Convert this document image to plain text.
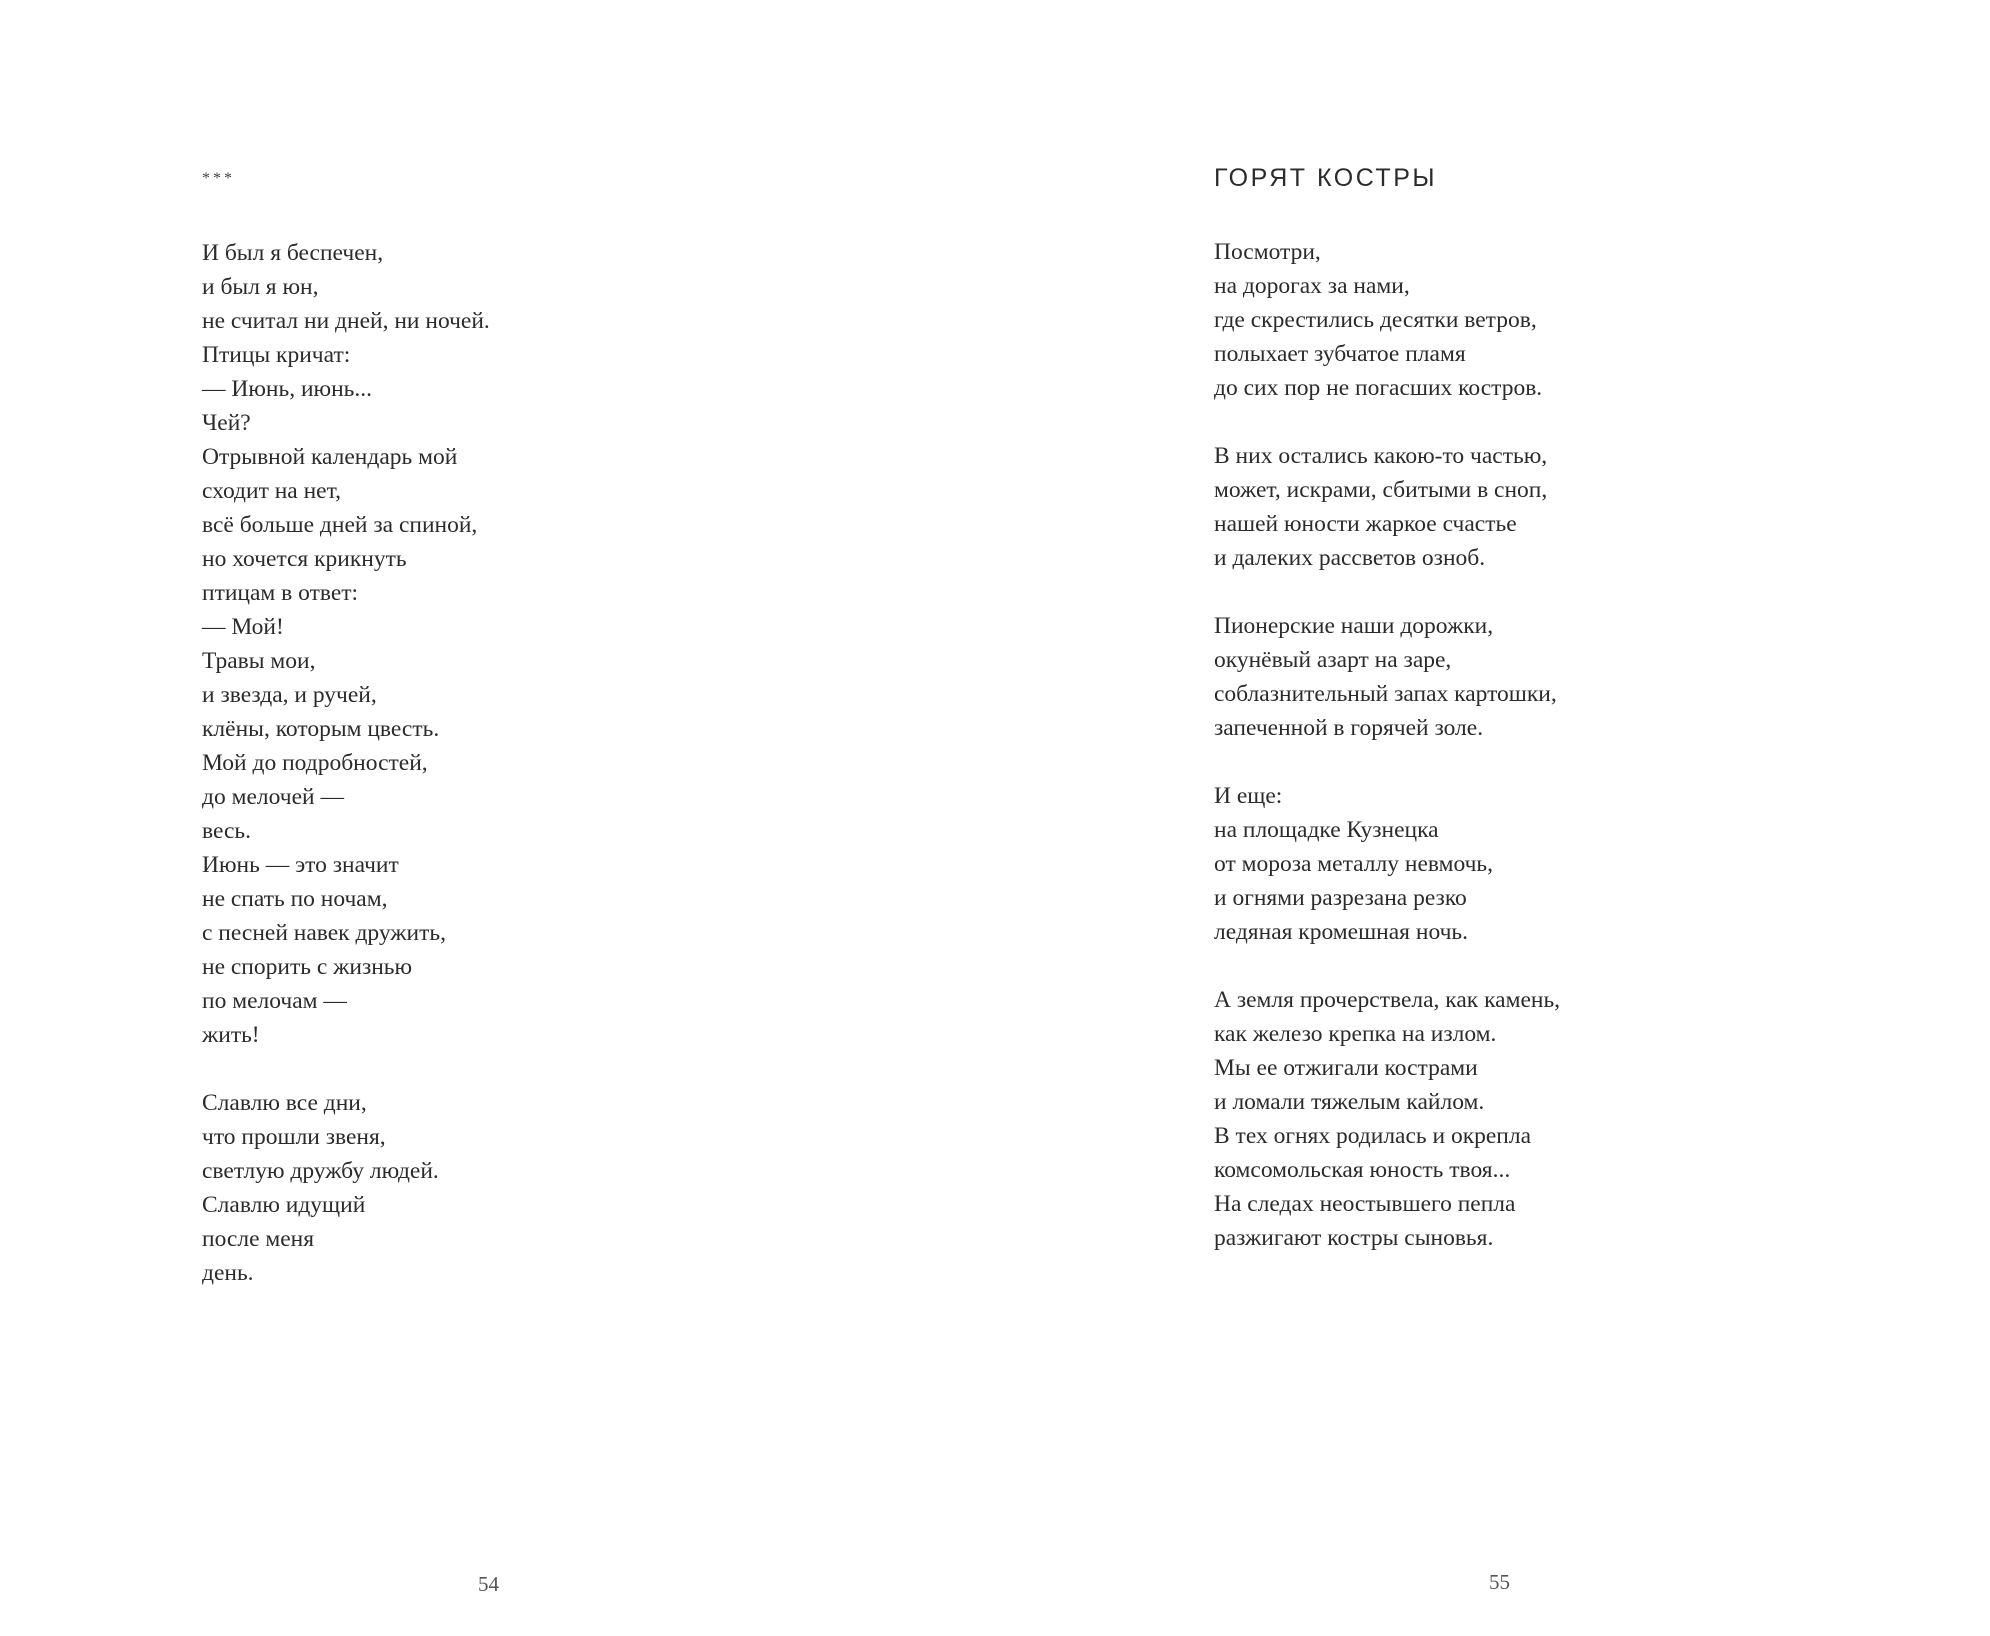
***
И был я беспечен,
и был я юн,
не считал ни дней, ни ночей.
Птицы кричат:
— Июнь, июнь...
Чей?
Отрывной календарь мой
сходит на нет,
всё больше дней за спиной,
но хочется крикнуть
птицам в ответ:
— Мой!
Травы мои,
и звезда, и ручей,
клёны, которым цвесть.
Мой до подробностей,
до мелочей —
весь.
Июнь — это значит
не спать по ночам,
с песней навек дружить,
не спорить с жизнью
по мелочам —
жить!
Славлю все дни,
что прошли звеня,
светлую дружбу людей.
Славлю идущий
после меня
день.
54
ГОРЯТ КОСТРЫ
Посмотри,
на дорогах за нами,
где скрестились десятки ветров,
полыхает зубчатое пламя
до сих пор не погасших костров.
В них остались какою-то частью,
может, искрами, сбитыми в сноп,
нашей юности жаркое счастье
и далеких рассветов озноб.
Пионерские наши дорожки,
окунёвый азарт на заре,
соблазнительный запах картошки,
запеченной в горячей золе.
И еще:
на площадке Кузнецка
от мороза металлу невмочь,
и огнями разрезана резко
ледяная кромешная ночь.
А земля прочерствела, как камень,
как железо крепка на излом.
Мы ее отжигали кострами
и ломали тяжелым кайлом.
В тех огнях родилась и окрепла
комсомольская юность твоя...
На следах неостывшего пепла
разжигают костры сыновья.
55
